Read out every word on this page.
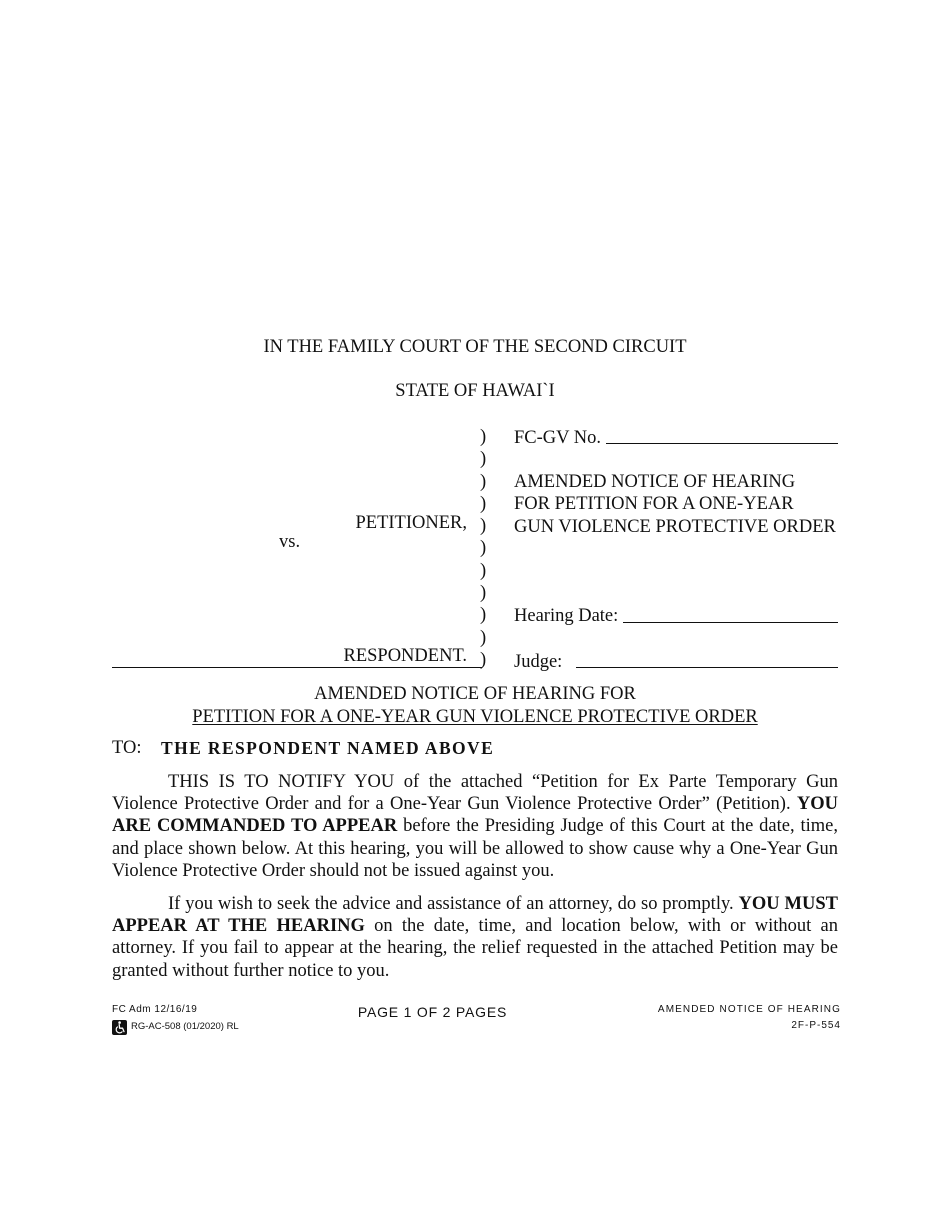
IN THE FAMILY COURT OF THE SECOND CIRCUIT
STATE OF HAWAI`I
)
)
)
)
)
)
)
)
)
)
)
PETITIONER,
vs.
RESPONDENT.
FC-GV No.
AMENDED NOTICE OF HEARING
FOR PETITION FOR A ONE-YEAR
GUN VIOLENCE PROTECTIVE ORDER
Hearing Date:
Judge:
AMENDED NOTICE OF HEARING FOR
PETITION FOR A ONE-YEAR GUN VIOLENCE PROTECTIVE ORDER
TO: THE RESPONDENT NAMED ABOVE
THIS IS TO NOTIFY YOU of the attached “Petition for Ex Parte Temporary Gun Violence Protective Order and for a One-Year Gun Violence Protective Order” (Petition). YOU ARE COMMANDED TO APPEAR before the Presiding Judge of this Court at the date, time, and place shown below. At this hearing, you will be allowed to show cause why a One-Year Gun Violence Protective Order should not be issued against you.
If you wish to seek the advice and assistance of an attorney, do so promptly. YOU MUST APPEAR AT THE HEARING on the date, time, and location below, with or without an attorney. If you fail to appear at the hearing, the relief requested in the attached Petition may be granted without further notice to you.
FC Adm 12/16/19
RG-AC-508 (01/2020) RL
PAGE 1 OF 2 PAGES	AMENDED NOTICE OF HEARING
2F-P-554
